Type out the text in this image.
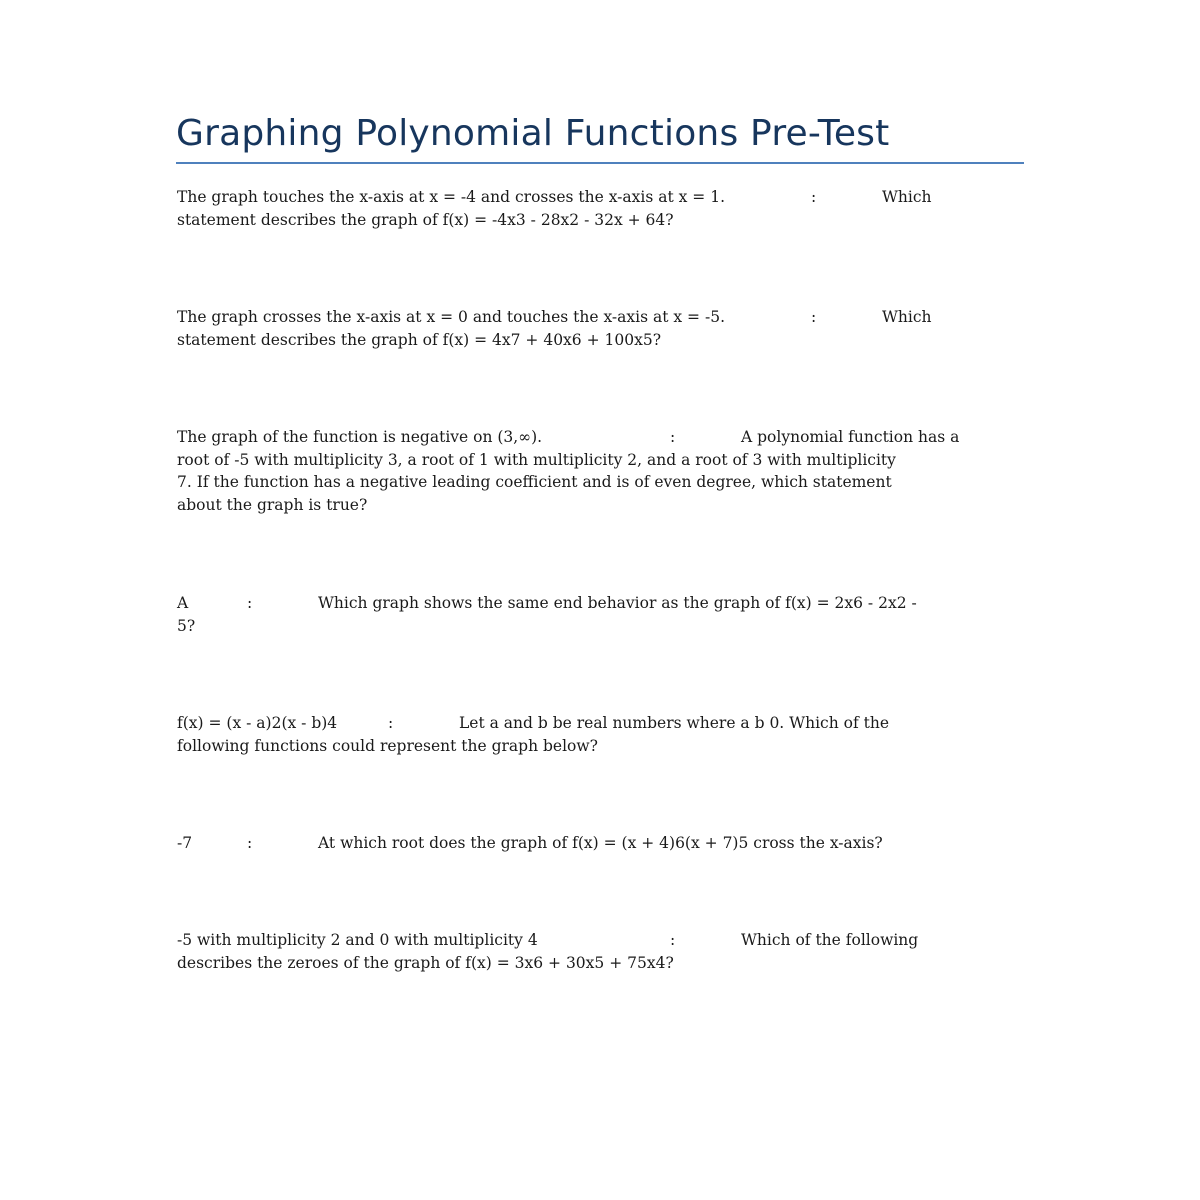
Graphing Polynomial Functions Pre-Test
The graph touches the x-axis at x = -4 and crosses the x-axis at x = 1.	:	Which
statement describes the graph of f(x) = -4x3 - 28x2 - 32x + 64?
The graph crosses the x-axis at x = 0 and touches the x-axis at x = -5.	:	Which
statement describes the graph of f(x) = 4x7 + 40x6 + 100x5?
The graph of the function is negative on (3,∞).	:	A polynomial function has a
root of -5 with multiplicity 3, a root of 1 with multiplicity 2, and a root of 3 with multiplicity
7. If the function has a negative leading coefficient and is of even degree, which statement
about the graph is true?
A	:	Which graph shows the same end behavior as the graph of f(x) = 2x6 - 2x2 -
5?
f(x) = (x - a)2(x - b)4	:	Let a and b be real numbers where a b 0. Which of the
following functions could represent the graph below?
-7	:	At which root does the graph of f(x) = (x + 4)6(x + 7)5 cross the x-axis?
-5 with multiplicity 2 and 0 with multiplicity 4	:	Which of the following
describes the zeroes of the graph of f(x) = 3x6 + 30x5 + 75x4?
